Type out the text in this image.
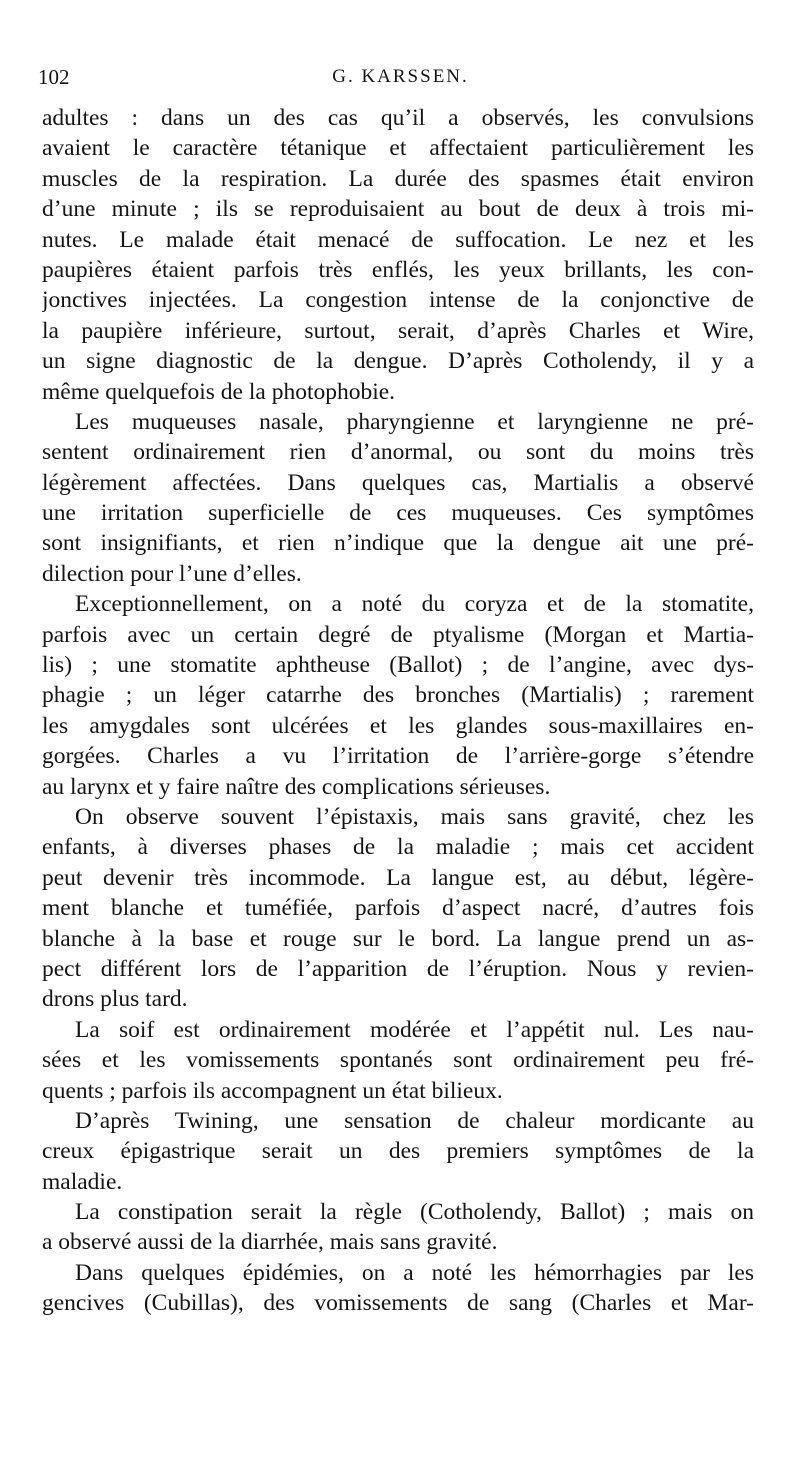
102	G. KARSSEN.
adultes : dans un des cas qu’il a observés, les convulsions
avaient le caractère tétanique et affectaient particulièrement les
muscles de la respiration. La durée des spasmes était environ
d’une minute ; ils se reproduisaient au bout de deux à trois mi-
nutes. Le malade était menacé de suffocation. Le nez et les
paupières étaient parfois très enflés, les yeux brillants, les con-
jonctives injectées. La congestion intense de la conjonctive de
la paupière inférieure, surtout, serait, d’après Charles et Wire,
un signe diagnostic de la dengue. D’après Cotholendy, il y a
même quelquefois de la photophobie.
Les muqueuses nasale, pharyngienne et laryngienne ne pré-
sentent ordinairement rien d’anormal, ou sont du moins très
légèrement affectées. Dans quelques cas, Martialis a observé
une irritation superficielle de ces muqueuses. Ces symptômes
sont insignifiants, et rien n’indique que la dengue ait une pré-
dilection pour l’une d’elles.
Exceptionnellement, on a noté du coryza et de la stomatite,
parfois avec un certain degré de ptyalisme (Morgan et Martia-
lis) ; une stomatite aphtheuse (Ballot) ; de l’angine, avec dys-
phagie ; un léger catarrhe des bronches (Martialis) ; rarement
les amygdales sont ulcérées et les glandes sous-maxillaires en-
gorgées. Charles a vu l’irritation de l’arrière-gorge s’étendre
au larynx et y faire naître des complications sérieuses.
On observe souvent l’épistaxis, mais sans gravité, chez les
enfants, à diverses phases de la maladie ; mais cet accident
peut devenir très incommode. La langue est, au début, légère-
ment blanche et tuméfiée, parfois d’aspect nacré, d’autres fois
blanche à la base et rouge sur le bord. La langue prend un as-
pect différent lors de l’apparition de l’éruption. Nous y revien-
drons plus tard.
La soif est ordinairement modérée et l’appétit nul. Les nau-
sées et les vomissements spontanés sont ordinairement peu fré-
quents ; parfois ils accompagnent un état bilieux.
D’après Twining, une sensation de chaleur mordicante au
creux épigastrique serait un des premiers symptômes de la
maladie.
La constipation serait la règle (Cotholendy, Ballot) ; mais on
a observé aussi de la diarrhée, mais sans gravité.
Dans quelques épidémies, on a noté les hémorrhagies par les
gencives (Cubillas), des vomissements de sang (Charles et Mar-
